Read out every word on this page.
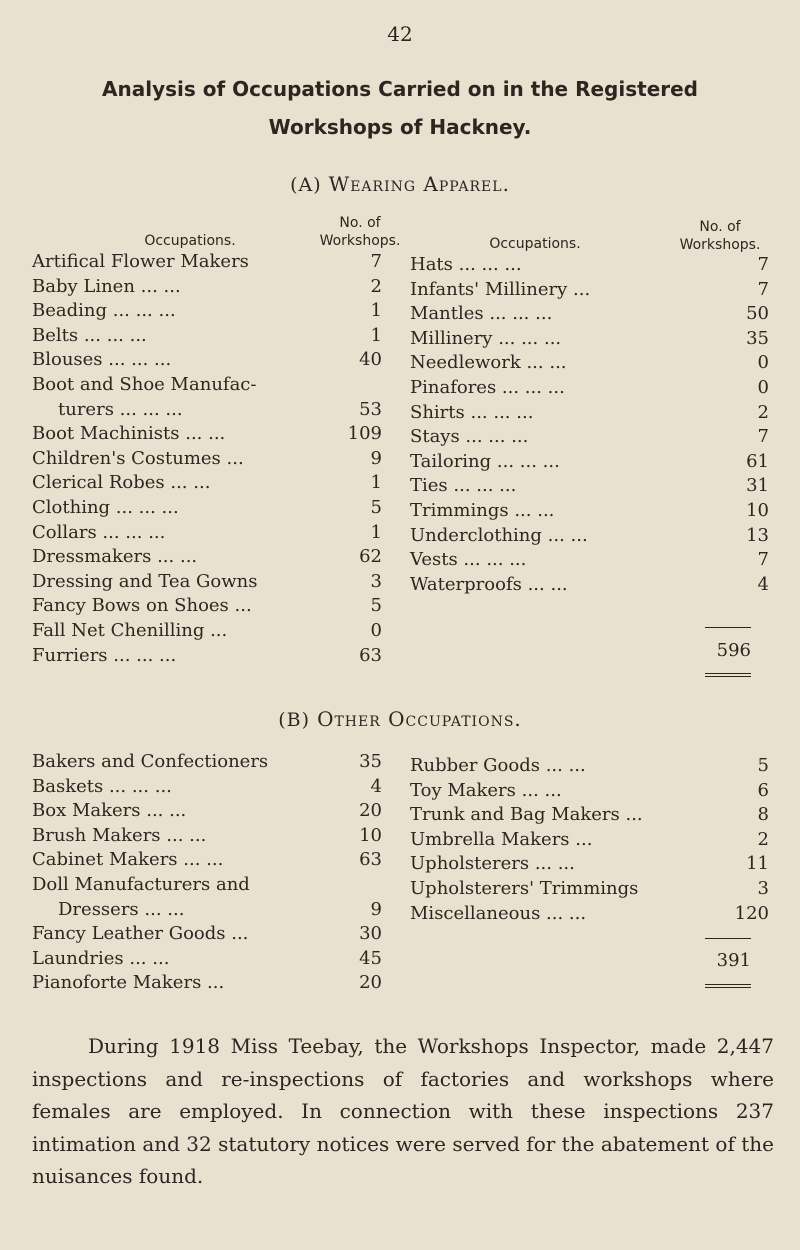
42
Analysis of Occupations Carried on in the Registered
Workshops of Hackney.
(A) Wearing Apparel.
Occupations.
No. of
Workshops.	Occupations.
No. of
Workshops.
Artifical Flower Makers	7
Baby Linen ... ...	2
Beading ... ... ...	1
Belts ... ... ...	1
Blouses ... ... ...	40
Boot and Shoe Manufac-
turers ... ... ...	53
Boot Machinists ... ...	109
Children's Costumes ...	9
Clerical Robes ... ...	1
Clothing ... ... ...	5
Collars ... ... ...	1
Dressmakers ... ...	62
Dressing and Tea Gowns	3
Fancy Bows on Shoes ...	5
Fall Net Chenilling ...	0
Furriers ... ... ...	63
Hats ... ... ...	7
Infants' Millinery ...	7
Mantles ... ... ...	50
Millinery ... ... ...	35
Needlework ... ...	0
Pinafores ... ... ...	0
Shirts ... ... ...	2
Stays ... ... ...	7
Tailoring ... ... ...	61
Ties ... ... ...	31
Trimmings ... ...	10
Underclothing ... ...	13
Vests ... ... ...	7
Waterproofs ... ...	4
596
(B) Other Occupations.
Bakers and Confectioners	35
Baskets ... ... ...	4
Box Makers ... ...	20
Brush Makers ... ...	10
Cabinet Makers ... ...	63
Doll Manufacturers and
Dressers ... ...	9
Fancy Leather Goods ...	30
Laundries ... ...	45
Pianoforte Makers ...	20
Rubber Goods ... ...	5
Toy Makers ... ...	6
Trunk and Bag Makers ...	8
Umbrella Makers ...	2
Upholsterers ... ...	11
Upholsterers' Trimmings	3
Miscellaneous ... ...	120
391
During 1918 Miss Teebay, the Workshops Inspector, made 2,447 inspections and re-inspections of factories and workshops where females are employed. In connection with these inspections 237 intimation and 32 statutory notices were served for the abatement of the nuisances found.
